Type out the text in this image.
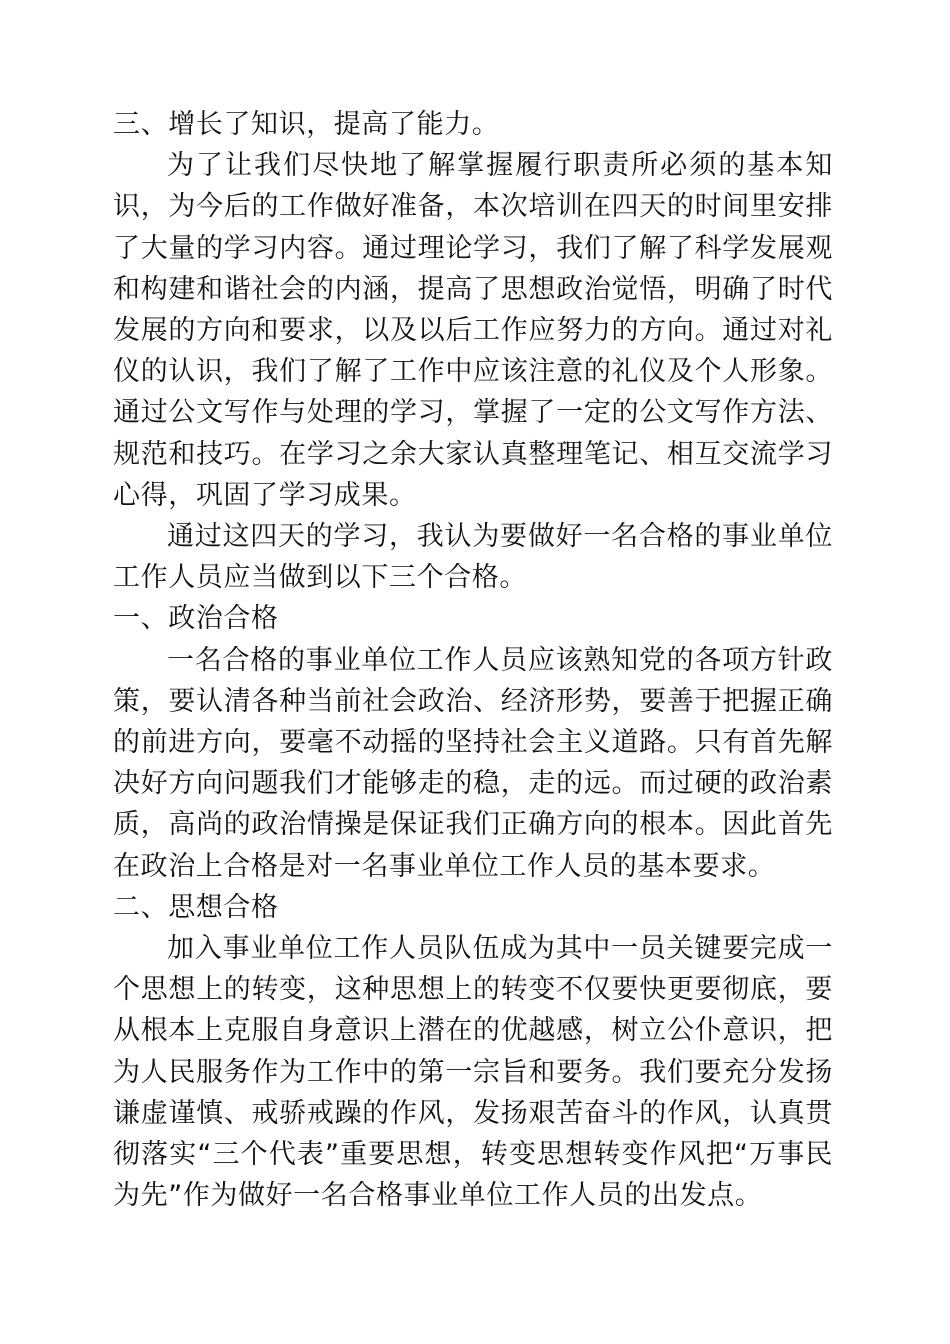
三、增长了知识，提高了能力。

为了让我们尽快地了解掌握履行职责所必须的基本知识，为今后的工作做好准备，本次培训在四天的时间里安排了大量的学习内容。通过理论学习，我们了解了科学发展观和构建和谐社会的内涵，提高了思想政治觉悟，明确了时代发展的方向和要求，以及以后工作应努力的方向。通过对礼仪的认识，我们了解了工作中应该注意的礼仪及个人形象。通过公文写作与处理的学习，掌握了一定的公文写作方法、规范和技巧。在学习之余大家认真整理笔记、相互交流学习心得，巩固了学习成果。

通过这四天的学习，我认为要做好一名合格的事业单位工作人员应当做到以下三个合格。

一、政治合格

一名合格的事业单位工作人员应该熟知党的各项方针政策，要认清各种当前社会政治、经济形势，要善于把握正确的前进方向，要毫不动摇的坚持社会主义道路。只有首先解决好方向问题我们才能够走的稳，走的远。而过硬的政治素质，高尚的政治情操是保证我们正确方向的根本。因此首先在政治上合格是对一名事业单位工作人员的基本要求。

二、思想合格

加入事业单位工作人员队伍成为其中一员关键要完成一个思想上的转变，这种思想上的转变不仅要快更要彻底，要从根本上克服自身意识上潜在的优越感，树立公仆意识，把为人民服务作为工作中的第一宗旨和要务。我们要充分发扬谦虚谨慎、戒骄戒躁的作风，发扬艰苦奋斗的作风，认真贯彻落实“三个代表”重要思想，转变思想转变作风把“万事民为先”作为做好一名合格事业单位工作人员的出发点。
